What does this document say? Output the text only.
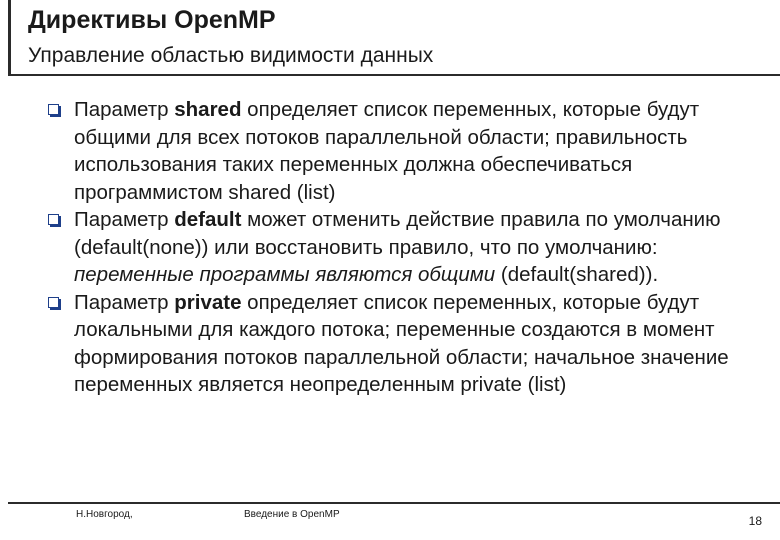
Директивы OpenMP
Управление областью видимости данных
Параметр shared определяет список переменных, которые будут общими для всех потоков параллельной области; правильность использования таких переменных должна обеспечиваться программистом shared (list)
Параметр default может отменить действие правила по умолчанию (default(none)) или восстановить правило, что по умолчанию: переменные программы являются общими (default(shared)).
Параметр private определяет список переменных, которые будут локальными для каждого потока; переменные создаются в момент формирования потоков параллельной области; начальное значение переменных является неопределенным private (list)
Н.Новгород,	Введение в OpenMP	18
